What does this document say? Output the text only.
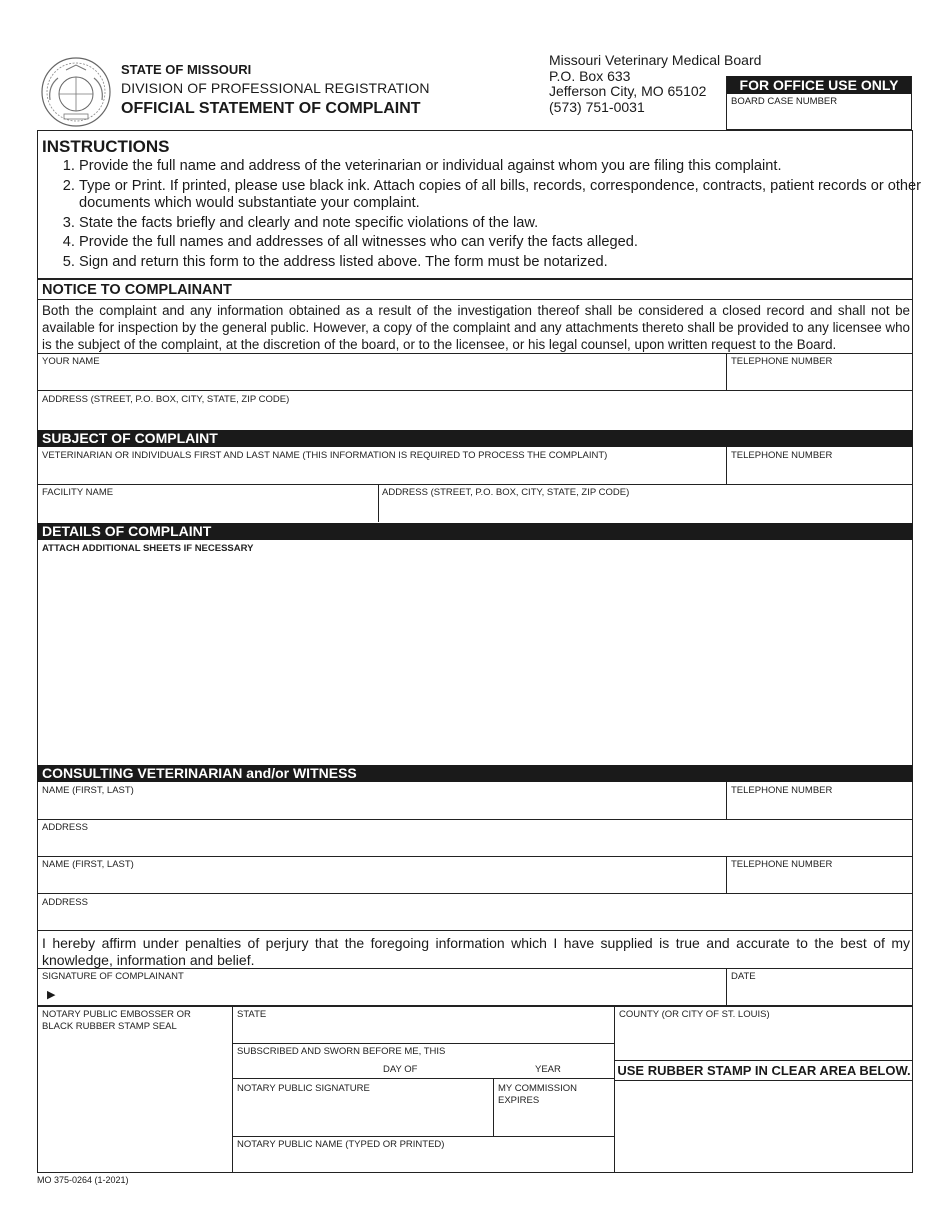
STATE OF MISSOURI
DIVISION OF PROFESSIONAL REGISTRATION
OFFICIAL STATEMENT OF COMPLAINT
Missouri Veterinary Medical Board
P.O. Box 633
Jefferson City, MO 65102
(573) 751-0031
FOR OFFICE USE ONLY
BOARD CASE NUMBER
INSTRUCTIONS
1. Provide the full name and address of the veterinarian or individual against whom you are filing this complaint.
2. Type or Print. If printed, please use black ink. Attach copies of all bills, records, correspondence, contracts, patient records or other documents which would substantiate your complaint.
3. State the facts briefly and clearly and note specific violations of the law.
4. Provide the full names and addresses of all witnesses who can verify the facts alleged.
5. Sign and return this form to the address listed above. The form must be notarized.
NOTICE TO COMPLAINANT
Both the complaint and any information obtained as a result of the investigation thereof shall be considered a closed record and shall not be available for inspection by the general public. However, a copy of the complaint and any attachments thereto shall be provided to any licensee who is the subject of the complaint, at the discretion of the board, or to the licensee, or his legal counsel, upon written request to the Board.
YOUR NAME	TELEPHONE NUMBER
ADDRESS (STREET, P.O. BOX, CITY, STATE, ZIP CODE)
SUBJECT OF COMPLAINT
VETERINARIAN OR INDIVIDUALS FIRST AND LAST NAME (THIS INFORMATION IS REQUIRED TO PROCESS THE COMPLAINT)	TELEPHONE NUMBER
FACILITY NAME	ADDRESS (STREET, P.O. BOX, CITY, STATE, ZIP CODE)
DETAILS OF COMPLAINT
ATTACH ADDITIONAL SHEETS IF NECESSARY
CONSULTING VETERINARIAN and/or WITNESS
NAME (FIRST, LAST)	TELEPHONE NUMBER
ADDRESS
NAME (FIRST, LAST)	TELEPHONE NUMBER
ADDRESS
I hereby affirm under penalties of perjury that the foregoing information which I have supplied is true and accurate to the best of my knowledge, information and belief.
SIGNATURE OF COMPLAINANT
▶
DATE
NOTARY PUBLIC EMBOSSER OR BLACK RUBBER STAMP SEAL
STATE	COUNTY (OR CITY OF ST. LOUIS)
SUBSCRIBED AND SWORN BEFORE ME, THIS
DAY OF	YEAR	USE RUBBER STAMP IN CLEAR AREA BELOW.
NOTARY PUBLIC SIGNATURE	MY COMMISSION EXPIRES
NOTARY PUBLIC NAME (TYPED OR PRINTED)
MO 375-0264 (1-2021)
